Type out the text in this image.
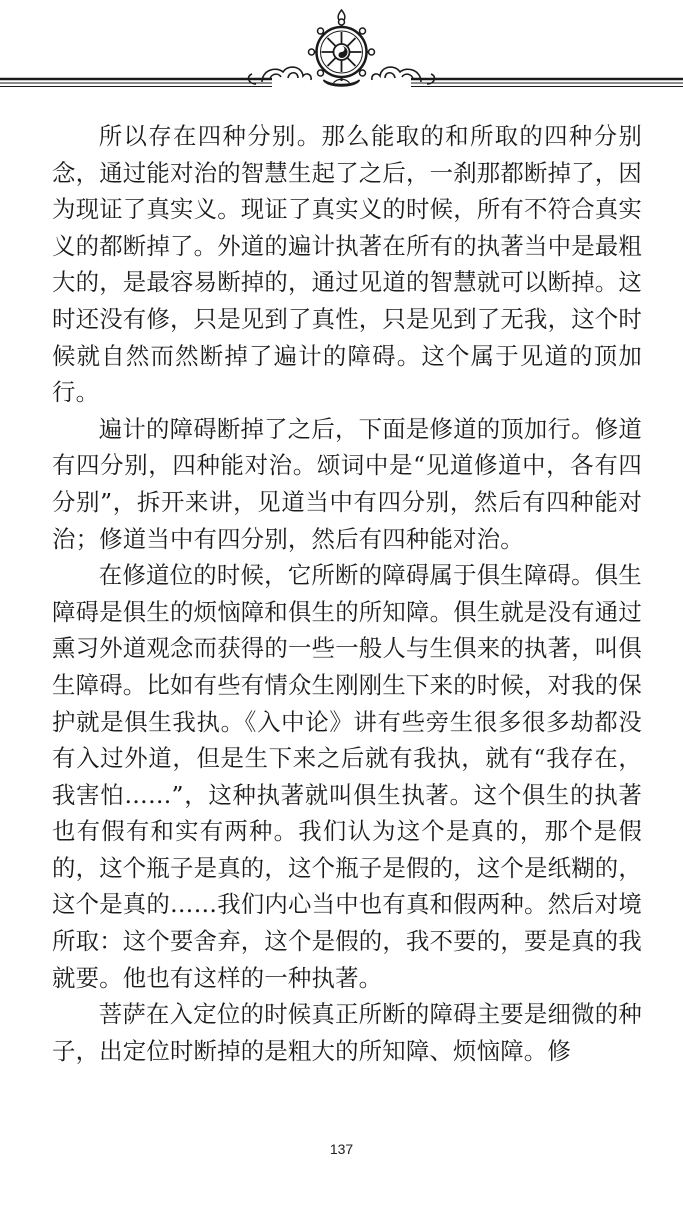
所以存在四种分别。那么能取的和所取的四种分别念，通过能对治的智慧生起了之后，一刹那都断掉了，因为现证了真实义。现证了真实义的时候，所有不符合真实义的都断掉了。外道的遍计执著在所有的执著当中是最粗大的，是最容易断掉的，通过见道的智慧就可以断掉。这时还没有修，只是见到了真性，只是见到了无我，这个时候就自然而然断掉了遍计的障碍。这个属于见道的顶加行。

遍计的障碍断掉了之后，下面是修道的顶加行。修道有四分别，四种能对治。颂词中是“见道修道中，各有四分别”，拆开来讲，见道当中有四分别，然后有四种能对治；修道当中有四分别，然后有四种能对治。

在修道位的时候，它所断的障碍属于俱生障碍。俱生障碍是俱生的烦恼障和俱生的所知障。俱生就是没有通过熏习外道观念而获得的一些一般人与生俱来的执著，叫俱生障碍。比如有些有情众生刚刚生下来的时候，对我的保护就是俱生我执。《入中论》讲有些旁生很多很多劫都没有入过外道，但是生下来之后就有我执，就有“我存在，我害怕……”，这种执著就叫俱生执著。这个俱生的执著也有假有和实有两种。我们认为这个是真的，那个是假的，这个瓶子是真的，这个瓶子是假的，这个是纸糊的，这个是真的……我们内心当中也有真和假两种。然后对境所取：这个要舍弃，这个是假的，我不要的，要是真的我就要。他也有这样的一种执著。

菩萨在入定位的时候真正所断的障碍主要是细微的种子，出定位时断掉的是粗大的所知障、烦恼障。修

137
